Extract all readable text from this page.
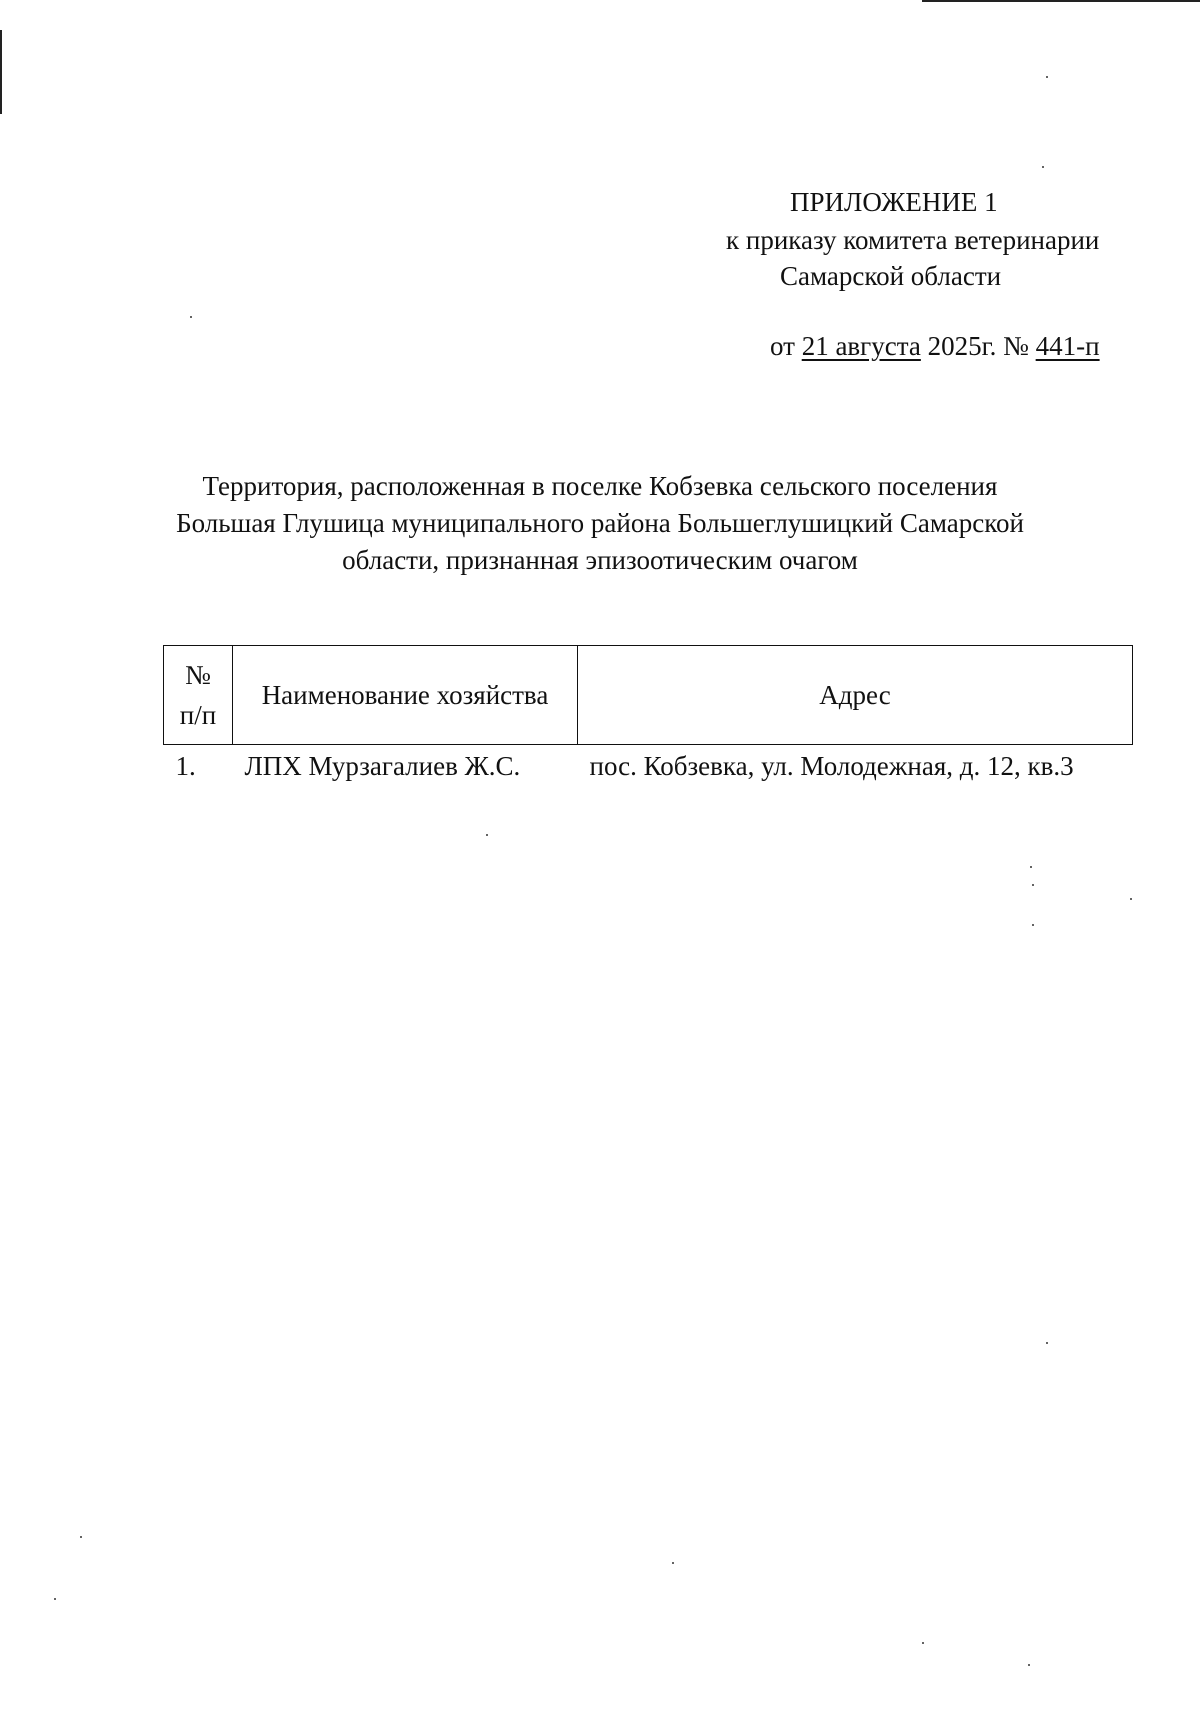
ПРИЛОЖЕНИЕ 1
к приказу комитета ветеринарии
Самарской области
от 21 августа 2025г. № 441-п
Территория, расположенная в поселке Кобзевка сельского поселения
Большая Глушица муниципального района Большеглушицкий Самарской
области, признанная эпизоотическим очагом
№
п/п	Наименование хозяйства	Адрес
1.	ЛПХ Мурзагалиев Ж.С.	пос. Кобзевка, ул. Молодежная, д. 12, кв.3
